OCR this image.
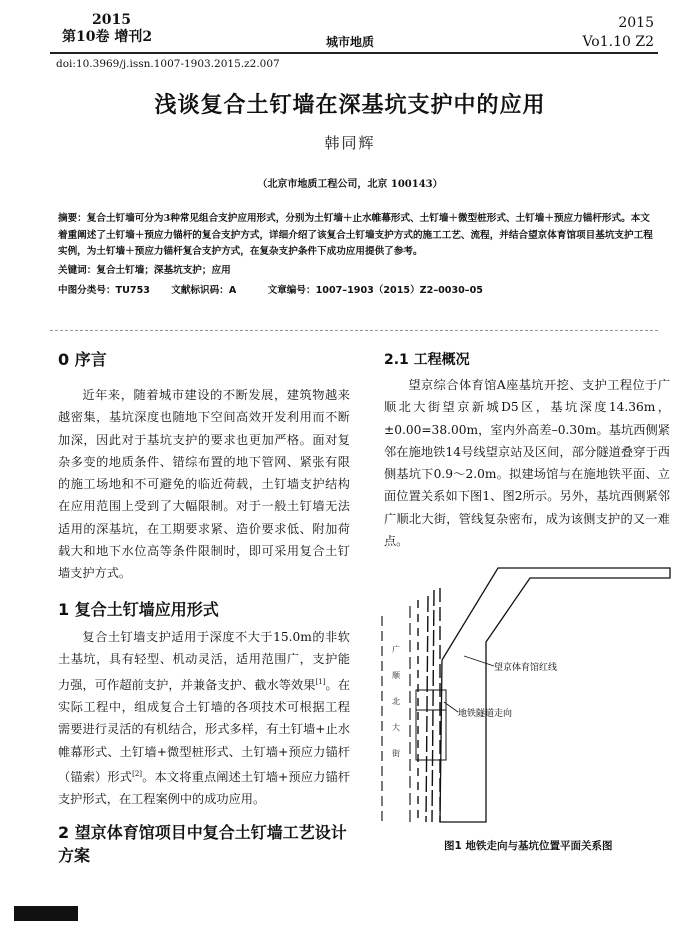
2015
第10卷 增刊2	城市地质
2015
Vo1.10 Z2
doi:10.3969/j.issn.1007-1903.2015.z2.007
浅谈复合土钉墙在深基坑支护中的应用
韩同辉
（北京市地质工程公司，北京 100143）
摘要：复合土钉墙可分为3种常见组合支护应用形式，分别为土钉墙＋止水帷幕形式、土钉墙＋微型桩形式、土钉墙＋预应力锚杆形式。本文着重阐述了土钉墙＋预应力锚杆的复合支护方式，详细介绍了该复合土钉墙支护方式的施工工艺、流程，并结合望京体育馆项目基坑支护工程实例，为土钉墙＋预应力锚杆复合支护方式，在复杂支护条件下成功应用提供了参考。
关键词：复合土钉墙；深基坑支护；应用
中图分类号：TU753 文献标识码：A	文章编号：1007–1903（2015）Z2–0030–05
0 序言
近年来，随着城市建设的不断发展，建筑物越来越密集，基坑深度也随地下空间高效开发利用而不断加深，因此对于基坑支护的要求也更加严格。面对复杂多变的地质条件、错综布置的地下管网、紧张有限的施工场地和不可避免的临近荷载，土钉墙支护结构在应用范围上受到了大幅限制。对于一般土钉墙无法适用的深基坑，在工期要求紧、造价要求低、附加荷载大和地下水位高等条件限制时，即可采用复合土钉墙支护方式。
1 复合土钉墙应用形式
复合土钉墙支护适用于深度不大于15.0m的非软土基坑，具有轻型、机动灵活，适用范围广，支护能力强，可作超前支护，并兼备支护、截水等效果[1]。在实际工程中，组成复合土钉墙的各项技术可根据工程需要进行灵活的有机结合，形式多样，有土钉墙+止水帷幕形式、土钉墙+微型桩形式、土钉墙+预应力锚杆（锚索）形式[2]。本文将重点阐述土钉墙+预应力锚杆支护形式，在工程案例中的成功应用。
2 望京体育馆项目中复合土钉墙工艺设计方案
2.1 工程概况
望京综合体育馆A座基坑开挖、支护工程位于广顺北大街望京新城D5区，基坑深度14.36m，±0.00=38.00m，室内外高差–0.30m。基坑西侧紧邻在施地铁14号线望京站及区间，部分隧道叠穿于西侧基坑下0.9～2.0m。拟建场馆与在施地铁平面、立面位置关系如下图1、图2所示。另外，基坑西侧紧邻广顺北大街，管线复杂密布，成为该侧支护的又一难点。
望京体育馆红线
地铁隧道走向
广
顺
北
大
街
图1 地铁走向与基坑位置平面关系图
